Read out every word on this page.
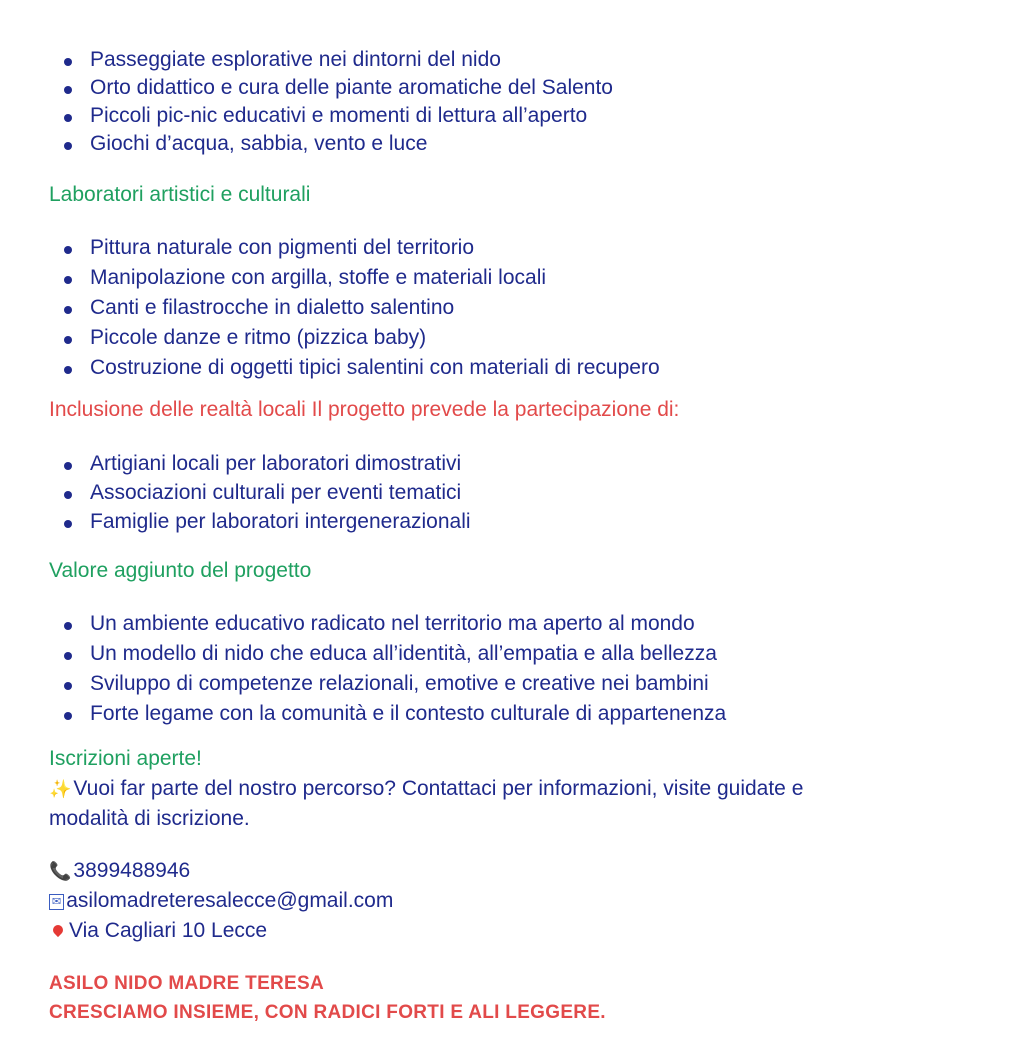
Passeggiate esplorative nei dintorni del nido
Orto didattico e cura delle piante aromatiche del Salento
Piccoli pic-nic educativi e momenti di lettura all’aperto
Giochi d’acqua, sabbia, vento e luce
Laboratori artistici e culturali
Pittura naturale con pigmenti del territorio
Manipolazione con argilla, stoffe e materiali locali
Canti e filastrocche in dialetto salentino
Piccole danze e ritmo (pizzica baby)
Costruzione di oggetti tipici salentini con materiali di recupero
Inclusione delle realtà locali Il progetto prevede la partecipazione di:
Artigiani locali per laboratori dimostrativi
Associazioni culturali per eventi tematici
Famiglie per laboratori intergenerazionali
Valore aggiunto del progetto
Un ambiente educativo radicato nel territorio ma aperto al mondo
Un modello di nido che educa all’identità, all’empatia e alla bellezza
Sviluppo di competenze relazionali, emotive e creative nei bambini
Forte legame con la comunità e il contesto culturale di appartenenza
Iscrizioni aperte!
✨Vuoi far parte del nostro percorso? Contattaci per informazioni, visite guidate e
modalità di iscrizione.
📞3899488946
✉ asilomadreteresalecce@gmail.com
Via Cagliari 10 Lecce
ASILO NIDO MADRE TERESA
CRESCIAMO INSIEME, CON RADICI FORTI E ALI LEGGERE.
